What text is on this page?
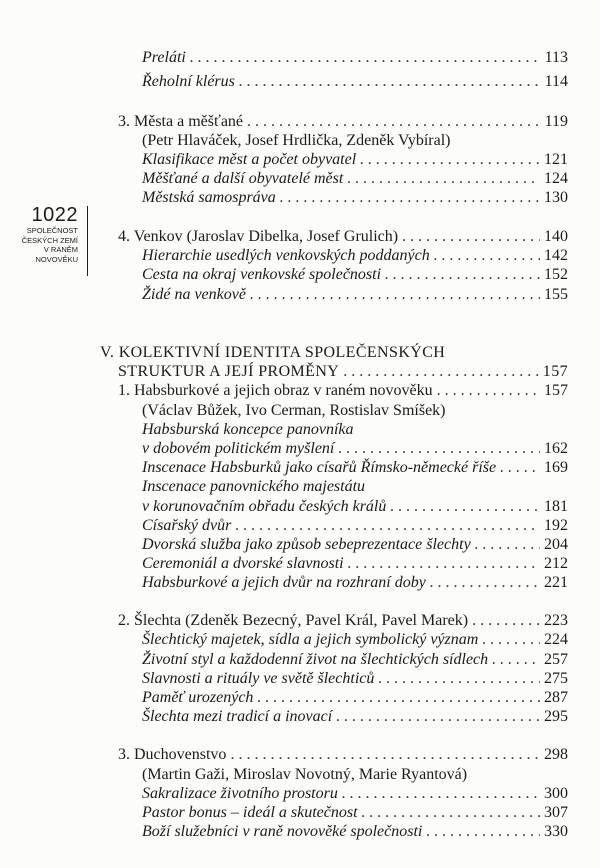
1022
SPOLEČNOST
ČESKÝCH ZEMÍ
V RANĚM
NOVOVĚKU
Preláti . . .	113
Řeholní klérus . . .	114
3. Města a měšťané . . .	119
(Petr Hlaváček, Josef Hrdlička, Zdeněk Vybíral)
Klasifikace měst a počet obyvatel . . .	121
Měšťané a další obyvatelé měst . . .	124
Městská samospráva . . .	130
4. Venkov (Jaroslav Dibelka, Josef Grulich) . . .	140
Hierarchie usedlých venkovských poddaných . . .	142
Cesta na okraj venkovské společnosti . . .	152
Židé na venkově . . .	155
V. KOLEKTIVNÍ IDENTITA SPOLEČENSKÝCH
STRUKTUR A JEJÍ PROMĚNY . . .	157
1. Habsburkové a jejich obraz v raném novověku . . .	157
(Václav Bůžek, Ivo Cerman, Rostislav Smíšek)
Habsburská koncepce panovníka
v dobovém politickém myšlení . . .	162
Inscenace Habsburků jako císařů Římsko-německé říše . . .	169
Inscenace panovnického majestátu
v korunovačním obřadu českých králů . . .	181
Císařský dvůr . . .	192
Dvorská služba jako způsob sebeprezentace šlechty . . .	204
Ceremoniál a dvorské slavnosti . . .	212
Habsburkové a jejich dvůr na rozhraní doby . . .	221
2. Šlechta (Zdeněk Bezecný, Pavel Král, Pavel Marek) . . .	223
Šlechtický majetek, sídla a jejich symbolický význam . . .	224
Životní styl a každodenní život na šlechtických sídlech . . .	257
Slavnosti a rituály ve světě šlechticů . . .	275
Paměť urozených . . .	287
Šlechta mezi tradicí a inovací . . .	295
3. Duchovenstvo . . .	298
(Martin Gaži, Miroslav Novotný, Marie Ryantová)
Sakralizace životního prostoru . . .	300
Pastor bonus – ideál a skutečnost . . .	307
Boží služebníci v raně novověké společnosti . . .	330
